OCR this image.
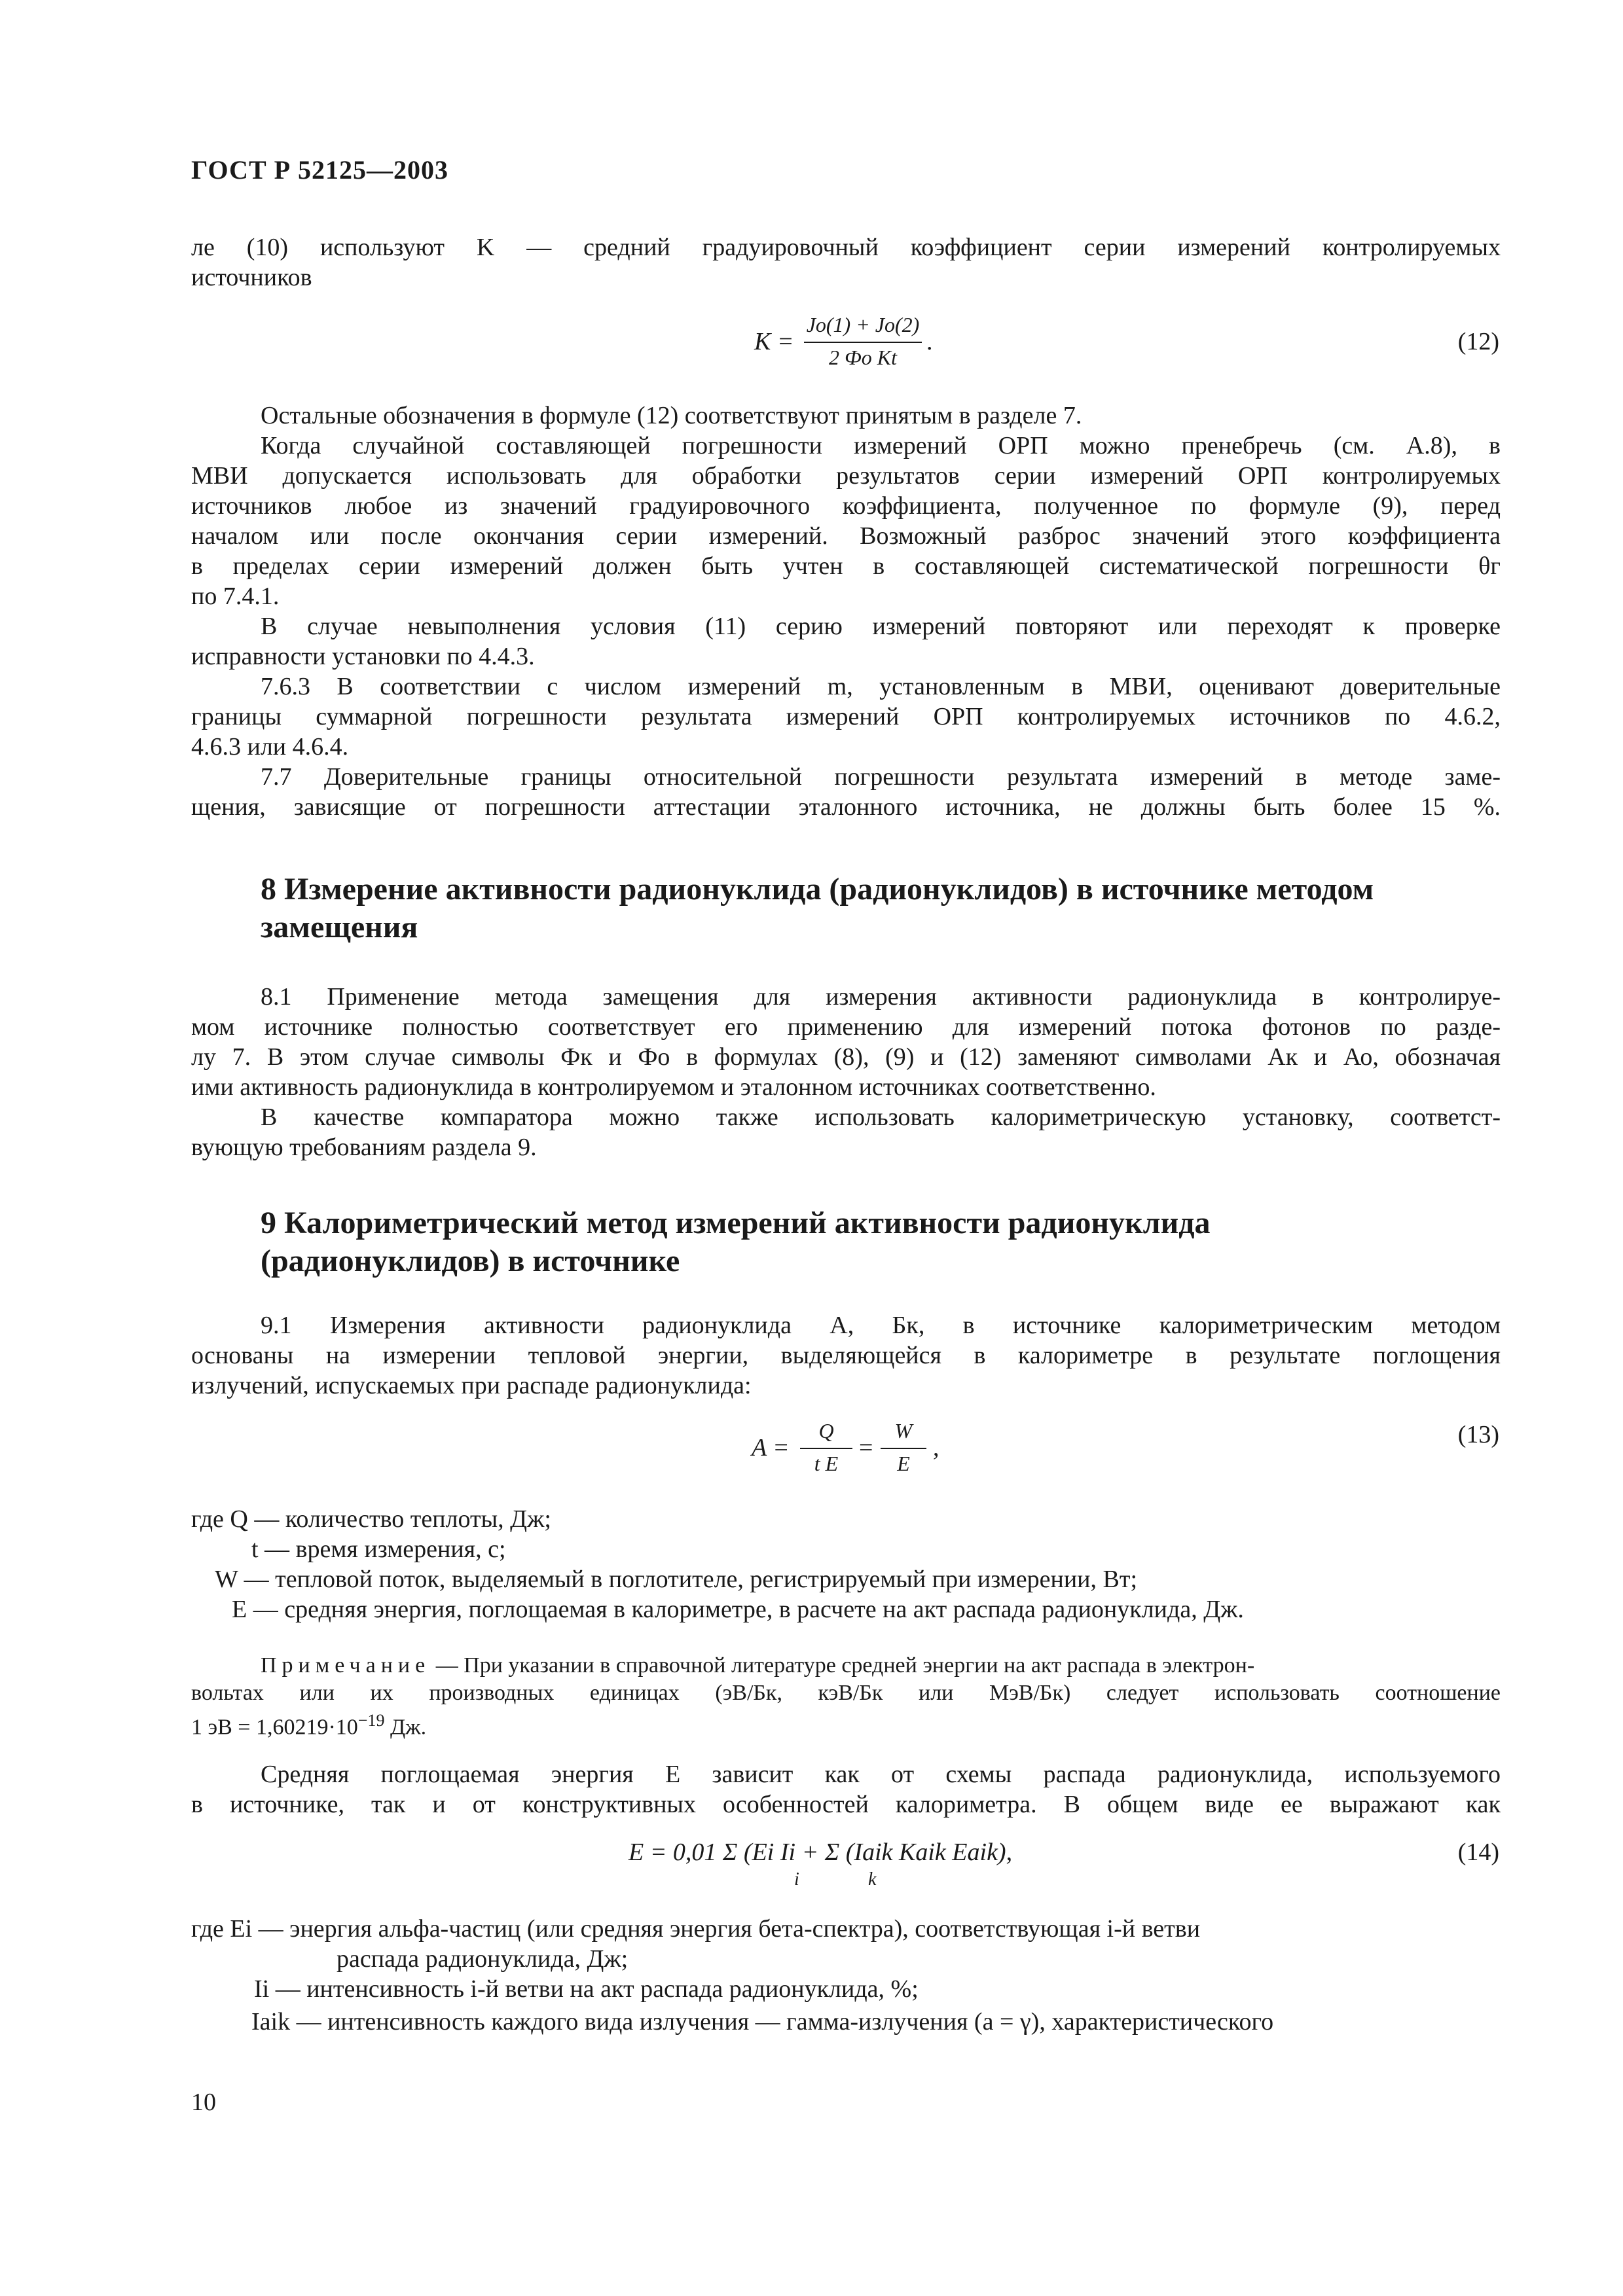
ГОСТ Р 52125—2003
ле (10) используют K — средний градуировочный коэффициент серии измерений контролируемых
источников
K =
Jо(1) + Jо(2)
2 Фо Kt
.	(12)
Остальные обозначения в формуле (12) соответствуют принятым в разделе 7.
Когда случайной составляющей погрешности измерений ОРП можно пренебречь (см. А.8), в
МВИ допускается использовать для обработки результатов серии измерений ОРП контролируемых
источников любое из значений градуировочного коэффициента, полученное по формуле (9), перед
началом или после окончания серии измерений. Возможный разброс значений этого коэффициента
в пределах серии измерений должен быть учтен в составляющей систематической погрешности θг
по 7.4.1.
В случае невыполнения условия (11) серию измерений повторяют или переходят к проверке
исправности установки по 4.4.3.
7.6.3 В соответствии с числом измерений m, установленным в МВИ, оценивают доверительные
границы суммарной погрешности результата измерений ОРП контролируемых источников по 4.6.2,
4.6.3 или 4.6.4.
7.7 Доверительные границы относительной погрешности результата измерений в методе заме-
щения, зависящие от погрешности аттестации эталонного источника, не должны быть более 15 %.
8 Измерение активности радионуклида (радионуклидов) в источнике методом
замещения
8.1 Применение метода замещения для измерения активности радионуклида в контролируе-
мом источнике полностью соответствует его применению для измерений потока фотонов по разде-
лу 7. В этом случае символы Фк и Фо в формулах (8), (9) и (12) заменяют символами Ак и Ао, обозначая
ими активность радионуклида в контролируемом и эталонном источниках соответственно.
В качестве компаратора можно также использовать калориметрическую установку, соответст-
вующую требованиям раздела 9.
9 Калориметрический метод измерений активности радионуклида
(радионуклидов) в источнике
9.1 Измерения активности радионуклида А, Бк, в источнике калориметрическим методом
основаны на измерении тепловой энергии, выделяющейся в калориметре в результате поглощения
излучений, испускаемых при распаде радионуклида:
A =
Q
t E
=
W
E
,	(13)
где Q — количество теплоты, Дж;
t — время измерения, с;
W — тепловой поток, выделяемый в поглотителе, регистрируемый при измерении, Вт;
E — средняя энергия, поглощаемая в калориметре, в расчете на акт распада радионуклида, Дж.
Примечание — При указании в справочной литературе средней энергии на акт распада в электрон-
вольтах или их производных единицах (эВ/Бк, кэВ/Бк или МэВ/Бк) следует использовать соотношение
1 эВ = $1,60219\cdot 10^{-19}$ Дж.
Средняя поглощаемая энергия E зависит как от схемы распада радионуклида, используемого
в источнике, так и от конструктивных особенностей калориметра. В общем виде ее выражают как
E = 0,01 Σ (Ei Ii + Σ (Iaik Kaik Eaik),
i	k
(14)
где Ei — энергия альфа-частиц (или средняя энергия бета-спектра), соответствующая i-й ветви
распада радионуклида, Дж;
Ii — интенсивность i-й ветви на акт распада радионуклида, %;
Iaik — интенсивность каждого вида излучения — гамма-излучения (a = γ), характеристического
10
